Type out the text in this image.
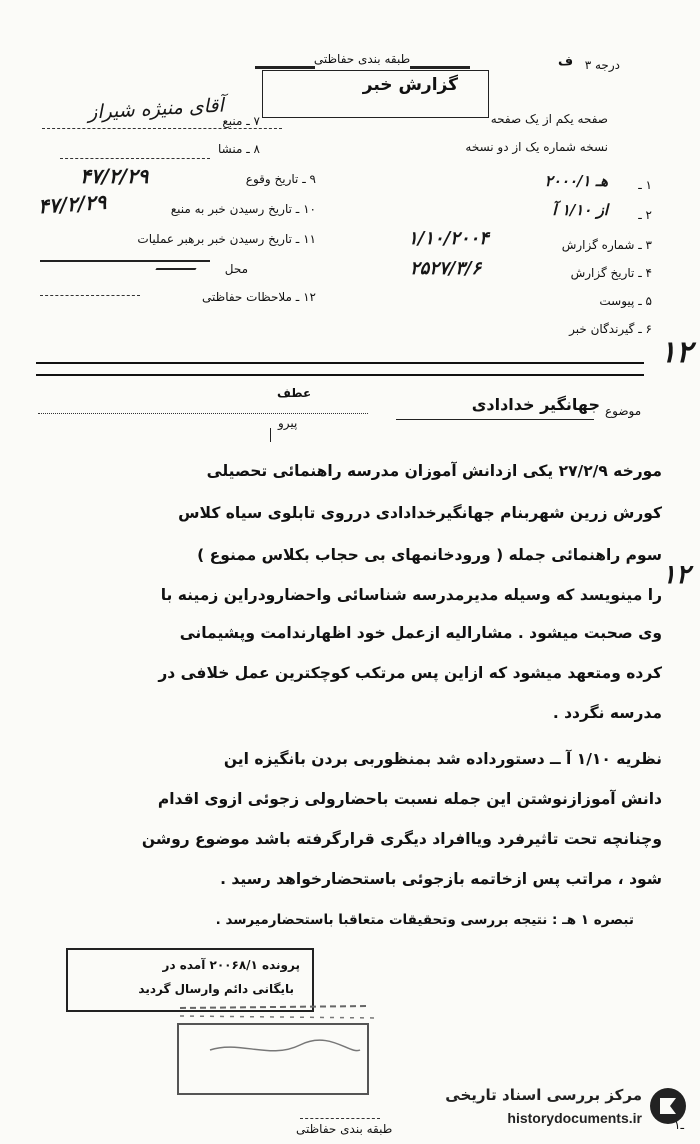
درجه ۳
ف
طبقه بندی حفاظتی
گزارش خبر
صفحه یکم از یک صفحه
نسخه شماره یک از دو نسخه
آقای منیژه شیراز	۷ ـ منبع
۸ ـ منشا
۹ ـ تاریخ وقوع
۴۷/۲/۲۹
۱۰ ـ تاریخ رسیدن خبر به منبع
۴۷/۲/۲۹
۱۱ ـ تاریخ رسیدن خبر برهبر عملیات
محل
۱۲ ـ ملاحظات حفاظتی
۱ ـ
۲۰۰۰/۱ هـ
۲ ـ
از ۱/۱۰ آ
۳ ـ شماره گزارش
۱/۱۰/۲۰۰۴
۴ ـ تاریخ گزارش
۲۵۲۷/۳/۶
۵ ـ پیوست
۶ ـ گیرندگان خبر
۱۲
موضوع
جهانگیر خدادادی
عطف
پیرو
مورخه ۲۷/۲/۹ یکی ازدانش آموزان مدرسه راهنمائی تحصیلی
کورش زرین شهربنام جهانگیرخدادادی درروی تابلوی سیاه کلاس
سوم راهنمائی جمله ( ورودخانمهای بی حجاب بکلاس ممنوع )
را مینویسد که وسیله مدیرمدرسه شناسائی واحضارودراین زمینه با
وی صحبت میشود . مشارالیه ازعمل خود اظهارندامت وپشیمانی
کرده ومتعهد میشود که ازاین پس مرتکب کوچکترین عمل خلافی در
مدرسه نگردد .
نظریه ۱/۱۰ آ ــ دستورداده شد بمنظوربی بردن بانگیزه این
دانش آموزازنوشتن این جمله نسبت باحضارولی زجوئی ازوی اقدام
وچنانچه تحت تاثیرفرد ویاافراد دیگری قرارگرفته باشد موضوع روشن
شود ، مراتب پس ازخاتمه بازجوئی باستحضارخواهد رسید .
۱۲
تبصره ۱ هـ : نتیجه بررسی وتحقیقات متعاقبا باستحضارمیرسد .
پرونده ۲۰۰۶۸/۱ آمده در
بایگانی دائم وارسال گردید
مرکز بررسی اسناد تاریخی
historydocuments.ir
طبقه بندی حفاظتی	۱ـ
